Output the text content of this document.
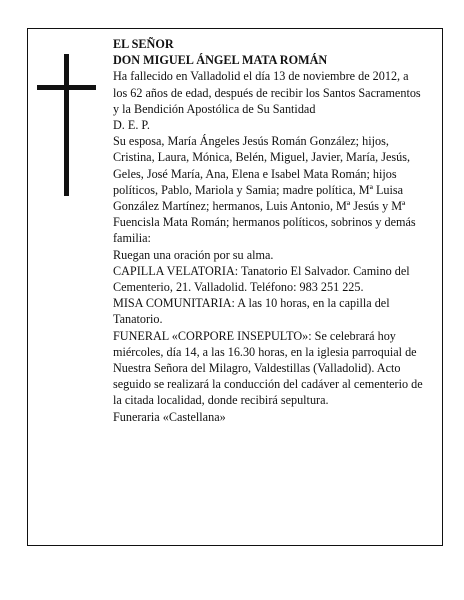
EL SEÑOR

DON MIGUEL ÁNGEL MATA ROMÁN

Ha fallecido en Valladolid el día 13 de noviembre de 2012, a los 62 años de edad, después de recibir los Santos Sacramentos y la Bendición Apostólica de Su Santidad

D. E. P.

Su esposa, María Ángeles Jesús Román González; hijos, Cristina, Laura, Mónica, Belén, Miguel, Javier, María, Jesús, Geles, José María, Ana, Elena e Isabel Mata Román; hijos políticos, Pablo, Mariola y Samia; madre política, Mª Luisa González Martínez; hermanos, Luis Antonio, Mª Jesús y Mª Fuencisla Mata Román; hermanos políticos, sobrinos y demás familia:

Ruegan una oración por su alma.

CAPILLA VELATORIA: Tanatorio El Salvador. Camino del Cementerio, 21. Valladolid. Teléfono: 983 251 225.

MISA COMUNITARIA: A las 10 horas, en la capilla del Tanatorio.

FUNERAL «CORPORE INSEPULTO»: Se celebrará hoy miércoles, día 14, a las 16.30 horas, en la iglesia parroquial de Nuestra Señora del Milagro, Valdestillas (Valladolid). Acto seguido se realizará la conducción del cadáver al cementerio de la citada localidad, donde recibirá sepultura.

Funeraria «Castellana»
